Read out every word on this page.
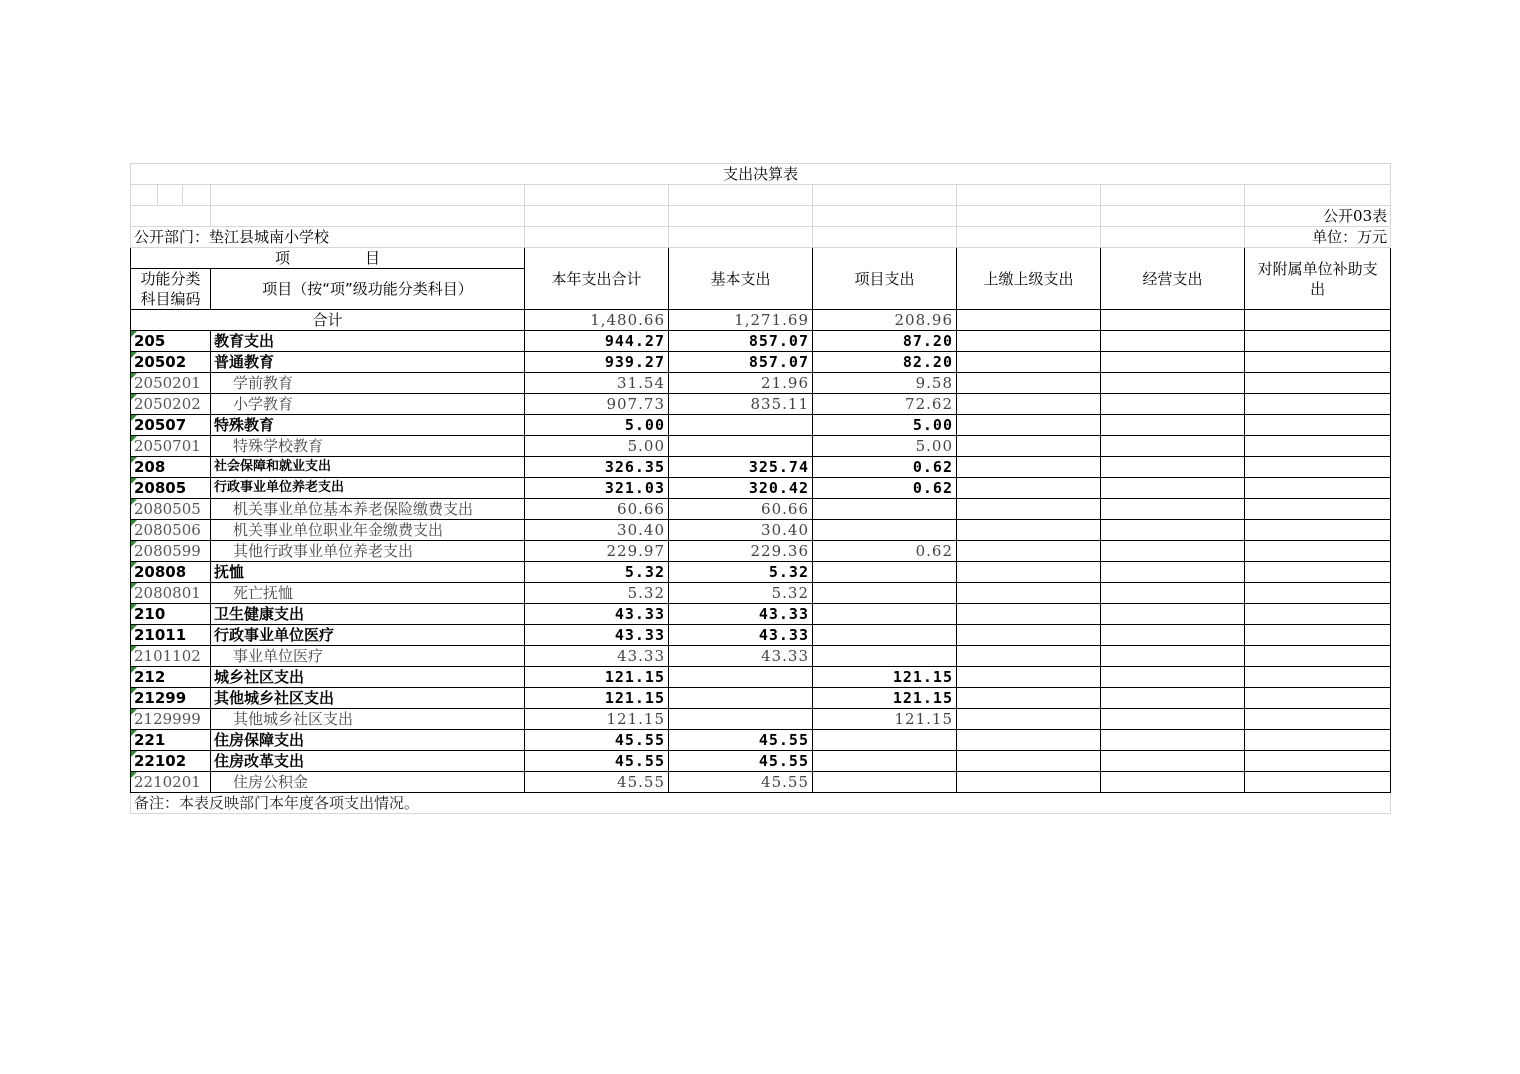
支出决算表									

									公开03表
公开部门：垫江县城南小学校									单位：万元
项　　　　　目				本年支出合计	基本支出	项目支出	上缴上级支出	经营支出	对附属单位补助支出
功能分类科目编码			项目（按“项”级功能分类科目）						
合计				1,480.66	1,271.69	208.96			
205			教育支出	944.27	857.07	87.20			
20502			普通教育	939.27	857.07	82.20			
2050201			学前教育	31.54	21.96	9.58			
2050202			小学教育	907.73	835.11	72.62			
20507			特殊教育	5.00		5.00			
2050701			特殊学校教育	5.00		5.00			
208			社会保障和就业支出	326.35	325.74	0.62			
20805			行政事业单位养老支出	321.03	320.42	0.62			
2080505			机关事业单位基本养老保险缴费支出	60.66	60.66				
2080506			机关事业单位职业年金缴费支出	30.40	30.40				
2080599			其他行政事业单位养老支出	229.97	229.36	0.62			
20808			抚恤	5.32	5.32				
2080801			死亡抚恤	5.32	5.32				
210			卫生健康支出	43.33	43.33				
21011			行政事业单位医疗	43.33	43.33				
2101102			事业单位医疗	43.33	43.33				
212			城乡社区支出	121.15		121.15			
21299			其他城乡社区支出	121.15		121.15			
2129999			其他城乡社区支出	121.15		121.15			
221			住房保障支出	45.55	45.55				
22102			住房改革支出	45.55	45.55				
2210201			住房公积金	45.55	45.55				
备注：本表反映部门本年度各项支出情况。									
